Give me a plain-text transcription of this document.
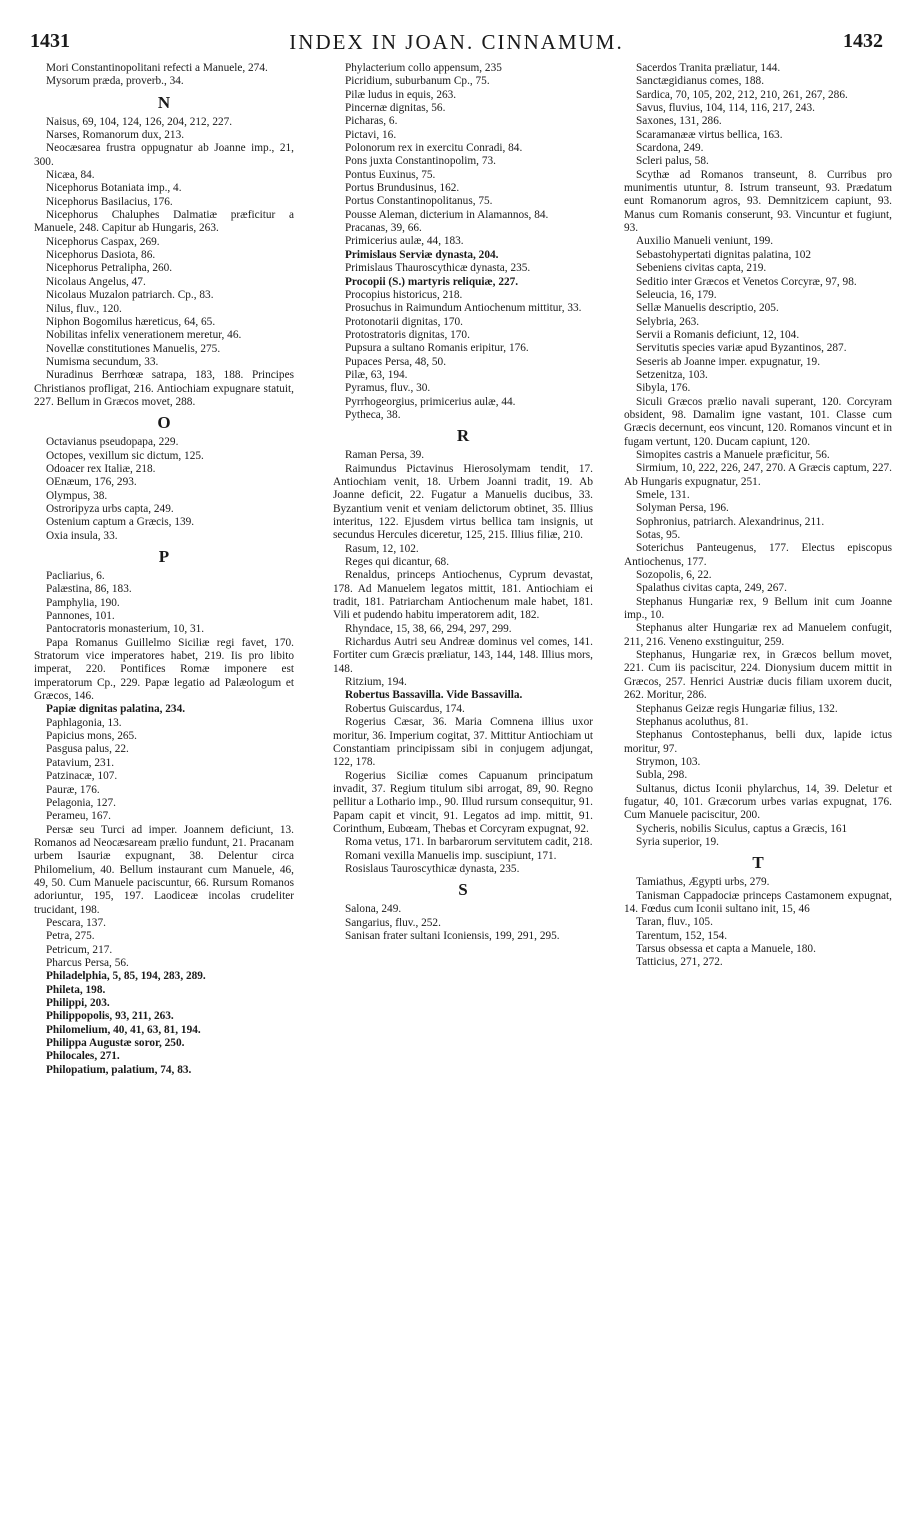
1431	INDEX IN JOAN. CINNAMUM.	1432
Mori Constantinopolitani refecti a Manuele, 274.
Mysorum præda, proverb., 34.
N
Naisus, 69, 104, 124, 126, 204, 212, 227.
Narses, Romanorum dux, 213.
Neocæsarea frustra oppugnatur ab Joanne imp., 21, 300.
Nicæa, 84.
Nicephorus Botaniata imp., 4.
Nicephorus Basilacius, 176.
Nicephorus Chaluphes Dalmatiæ præficitur a Manuele, 248. Capitur ab Hungaris, 263.
Nicephorus Caspax, 269.
Nicephorus Dasiota, 86.
Nicephorus Petraliphа, 260.
Nicolaus Angelus, 47.
Nicolaus Muzalon patriarch. Cp., 83.
Nilus, fluv., 120.
Niphon Bogomilus hæreticus, 64, 65.
Nobilitas infelix venerationem meretur, 46.
Novellæ constitutiones Manuelis, 275.
Numisma secundum, 33.
Nuradinus Berrhœæ satrapa, 183, 188. Principes Christianos profligat, 216. Antiochiam expugnare statuit, 227. Bellum in Græcos movet, 288.
O
Octavianus pseudopapa, 229.
Octopes, vexillum sic dictum, 125.
Odoacer rex Italiæ, 218.
OEnæum, 176, 293.
Olympus, 38.
Ostroripyza urbs capta, 249.
Ostenium captum a Græcis, 139.
Oxia insula, 33.
P
Pacliarius, 6.
Palæstina, 86, 183.
Pamphylia, 190.
Pannones, 101.
Pantocratoris monasterium, 10, 31.
Papa Romanus Guillelmo Siciliæ regi favet, 170. Stratorum vice imperatores habet, 219. Iis pro libito imperat, 220. Pontifices Romæ imponere est imperatorum Cp., 229. Papæ legatio ad Palæologum et Græcos, 146.
Papiæ dignitas palatina, 234.
Paphlagonia, 13.
Papicius mons, 265.
Pasgusa palus, 22.
Patavium, 231.
Patzinacæ, 107.
Pauræ, 176.
Pelagonia, 127.
Perameu, 167.
Persæ seu Turci ad imper. Joannem deficiunt, 13. Romanos ad Neocæsaream prælio fundunt, 21. Pracanam urbem Isauriæ expugnant, 38. Delentur circa Philomelium, 40. Bellum instaurant cum Manuele, 46, 49, 50. Cum Manuele paciscuntur, 66. Rursum Romanos adoriuntur, 195, 197. Laodiceæ incolas crudeliter trucidant, 198.
Pescara, 137.
Petra, 275.
Petricum, 217.
Pharcus Persa, 56.
Philadelphia, 5, 85, 194, 283, 289.
Phileta, 198.
Philippi, 203.
Philippopolis, 93, 211, 263.
Philomelium, 40, 41, 63, 81, 194.
Philippa Augustæ soror, 250.
Philocales, 271.
Philopatium, palatium, 74, 83.
Phylacterium collo appensum, 235
Picridium, suburbanum Cp., 75.
Pilæ ludus in equis, 263.
Pincernæ dignitas, 56.
Picharas, 6.
Pictavi, 16.
Polonorum rex in exercitu Conradi, 84.
Pons juxta Constantinopolim, 73.
Pontus Euxinus, 75.
Portus Brundusinus, 162.
Portus Constantinopolitanus, 75.
Pousse Aleman, dicterium in Alamannos, 84.
Pracanas, 39, 66.
Primicerius aulæ, 44, 183.
Primislaus Serviæ dynasta, 204.
Primislaus Thauroscythicæ dynasta, 235.
Procopii (S.) martyris reliquiæ, 227.
Procopius historicus, 218.
Prosuchus in Raimundum Antiochenum mittitur, 33.
Protonotarii dignitas, 170.
Protostratoris dignitas, 170.
Pupsura a sultano Romanis eripitur, 176.
Pupaces Persa, 48, 50.
Pilæ, 63, 194.
Pyramus, fluv., 30.
Pyrrhogeorgius, primicerius aulæ, 44.
Pytheca, 38.
R
Raman Persa, 39.
Raimundus Pictavinus Hierosolymam tendit, 17. Antiochiam venit, 18. Urbem Joanni tradit, 19. Ab Joanne deficit, 22. Fugatur a Manuelis ducibus, 33. Byzantium venit et veniam delictorum obtinet, 35. Illius interitus, 122. Ejusdem virtus bellica tam insignis, ut secundus Hercules diceretur, 125, 215. Illius filiæ, 210.
Rasum, 12, 102.
Reges qui dicantur, 68.
Renaldus, princeps Antiochenus, Cyprum devastat, 178. Ad Manuelem legatos mittit, 181. Antiochiam ei tradit, 181. Patriarcham Antiochenum male habet, 181. Vili et pudendo habitu imperatorem adit, 182.
Rhyndace, 15, 38, 66, 294, 297, 299.
Richardus Autri seu Andreæ dominus vel comes, 141. Fortiter cum Græcis præliatur, 143, 144, 148. Illius mors, 148.
Ritzium, 194.
Robertus Bassavilla. Vide Bassavilla.
Robertus Guiscardus, 174.
Rogerius Cæsar, 36. Maria Comnena illius uxor moritur, 36. Imperium cogitat, 37. Mittitur Antiochiam ut Constantiam principissam sibi in conjugem adjungat, 122, 178.
Rogerius Siciliæ comes Capuanum principatum invadit, 37. Regium titulum sibi arrogat, 89, 90. Regno pellitur a Lothario imp., 90. Illud rursum consequitur, 91. Papam capit et vincit, 91. Legatos ad imp. mittit, 91. Corinthum, Eubœam, Thebas et Corcyram expugnat, 92.
Roma vetus, 171. In barbarorum servitutem cadit, 218.
Romani vexilla Manuelis imp. suscipiunt, 171.
Rosislaus Tauroscythicæ dynasta, 235.
S
Salona, 249.
Sangarius, fluv., 252.
Sanisan frater sultani Iconiensis, 199, 291, 295.
Sacerdos Tranita præliatur, 144.
Sanctægidianus comes, 188.
Sardica, 70, 105, 202, 212, 210, 261, 267, 286.
Savus, fluvius, 104, 114, 116, 217, 243.
Saxones, 131, 286.
Scaramanææ virtus bellica, 163.
Scardona, 249.
Scleri palus, 58.
Scythæ ad Romanos transeunt, 8. Curribus pro munimentis utuntur, 8. Istrum transeunt, 93. Prædatum eunt Romanorum agros, 93. Demnitzicem capiunt, 93. Manus cum Romanis conserunt, 93. Vincuntur et fugiunt, 93.
Auxilio Manueli veniunt, 199.
Sebastohypertati dignitas palatina, 102
Sebeniens civitas capta, 219.
Seditio inter Græcos et Venetos Corcyræ, 97, 98.
Seleucia, 16, 179.
Sellæ Manuelis descriptio, 205.
Selybria, 263.
Servii a Romanis deficiunt, 12, 104.
Servitutis species variæ apud Byzantinos, 287.
Seseris ab Joanne imper. expugnatur, 19.
Setzenitza, 103.
Sibyla, 176.
Siculi Græcos prælio navali superant, 120. Corcyram obsident, 98. Damalim igne vastant, 101. Classe cum Græcis decernunt, eos vincunt, 120. Romanos vincunt et in fugam vertunt, 120. Ducam capiunt, 120.
Simopites castris a Manuele præficitur, 56.
Sirmium, 10, 222, 226, 247, 270. A Græcis captum, 227. Ab Hungaris expugnatur, 251.
Smele, 131.
Solyman Persa, 196.
Sophronius, patriarch. Alexandrinus, 211.
Sotas, 95.
Soterichus Panteugenus, 177. Electus episcopus Antiochenus, 177.
Sozopolis, 6, 22.
Spalathus civitas capta, 249, 267.
Stephanus Hungariæ rex, 9 Bellum init cum Joanne imp., 10.
Stephanus alter Hungariæ rex ad Manuelem confugit, 211, 216. Veneno exstinguitur, 259.
Stephanus, Hungariæ rex, in Græcos bellum movet, 221. Cum iis paciscitur, 224. Dionysium ducem mittit in Græcos, 257. Henrici Austriæ ducis filiam uxorem ducit, 262. Moritur, 286.
Stephanus Geizæ regis Hungariæ filius, 132.
Stephanus acoluthus, 81.
Stephanus Contostephanus, belli dux, lapide ictus moritur, 97.
Strymon, 103.
Subla, 298.
Sultanus, dictus Iconii phylarchus, 14, 39. Deletur et fugatur, 40, 101. Græcorum urbes varias expugnat, 176. Cum Manuele paciscitur, 200.
Sycheris, nobilis Siculus, captus a Græcis, 161
Syria superior, 19.
T
Tamiathus, Ægypti urbs, 279.
Tanisman Cappadociæ princeps Castamonem expugnat, 14. Fœdus cum Iconii sultano init, 15, 46
Taran, fluv., 105.
Tarentum, 152, 154.
Tarsus obsessa et capta a Manuele, 180.
Tatticius, 271, 272.
